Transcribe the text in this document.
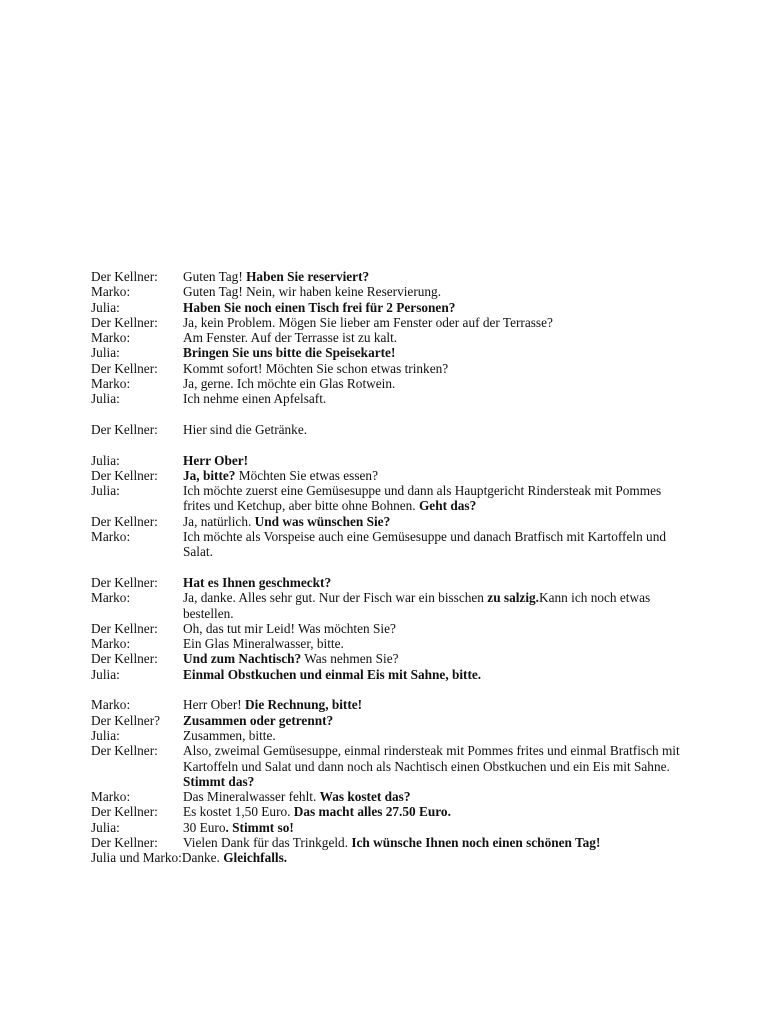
Der Kellner:	Guten Tag! Haben Sie reserviert?
Marko:	Guten Tag! Nein, wir haben keine Reservierung.
Julia:	Haben Sie noch einen Tisch frei für 2 Personen?
Der Kellner:	Ja, kein Problem. Mögen Sie lieber am Fenster oder auf der Terrasse?
Marko:	Am Fenster. Auf der Terrasse ist zu kalt.
Julia:	Bringen Sie uns bitte die Speisekarte!
Der Kellner:	Kommt sofort! Möchten Sie schon etwas trinken?
Marko:	Ja, gerne. Ich möchte ein Glas Rotwein.
Julia:	Ich nehme einen Apfelsaft.
Der Kellner:	Hier sind die Getränke.
Julia:	Herr Ober!
Der Kellner:	Ja, bitte? Möchten Sie etwas essen?
Julia:	Ich möchte zuerst eine Gemüsesuppe und dann als Hauptgericht Rindersteak mit Pommes frites und Ketchup, aber bitte ohne Bohnen. Geht das?
Der Kellner:	Ja, natürlich. Und was wünschen Sie?
Marko:	Ich möchte als Vorspeise auch eine Gemüsesuppe und danach Bratfisch mit Kartoffeln und Salat.
Der Kellner:	Hat es Ihnen geschmeckt?
Marko:	Ja, danke. Alles sehr gut. Nur der Fisch war ein bisschen zu salzig.Kann ich noch etwas bestellen.
Der Kellner:	Oh, das tut mir Leid! Was möchten Sie?
Marko:	Ein Glas Mineralwasser, bitte.
Der Kellner:	Und zum Nachtisch? Was nehmen Sie?
Julia:	Einmal Obstkuchen und einmal Eis mit Sahne, bitte.
Marko:	Herr Ober! Die Rechnung, bitte!
Der Kellner?	Zusammen oder getrennt?
Julia:	Zusammen, bitte.
Der Kellner:	Also, zweimal Gemüsesuppe, einmal rindersteak mit Pommes frites und einmal Bratfisch mit Kartoffeln und Salat und dann noch als Nachtisch einen Obstkuchen und ein Eis mit Sahne. Stimmt das?
Marko:	Das Mineralwasser fehlt. Was kostet das?
Der Kellner:	Es kostet 1,50 Euro. Das macht alles 27.50 Euro.
Julia:	30 Euro. Stimmt so!
Der Kellner:	Vielen Dank für das Trinkgeld. Ich wünsche Ihnen noch einen schönen Tag!
Julia und Marko: Danke. Gleichfalls.
